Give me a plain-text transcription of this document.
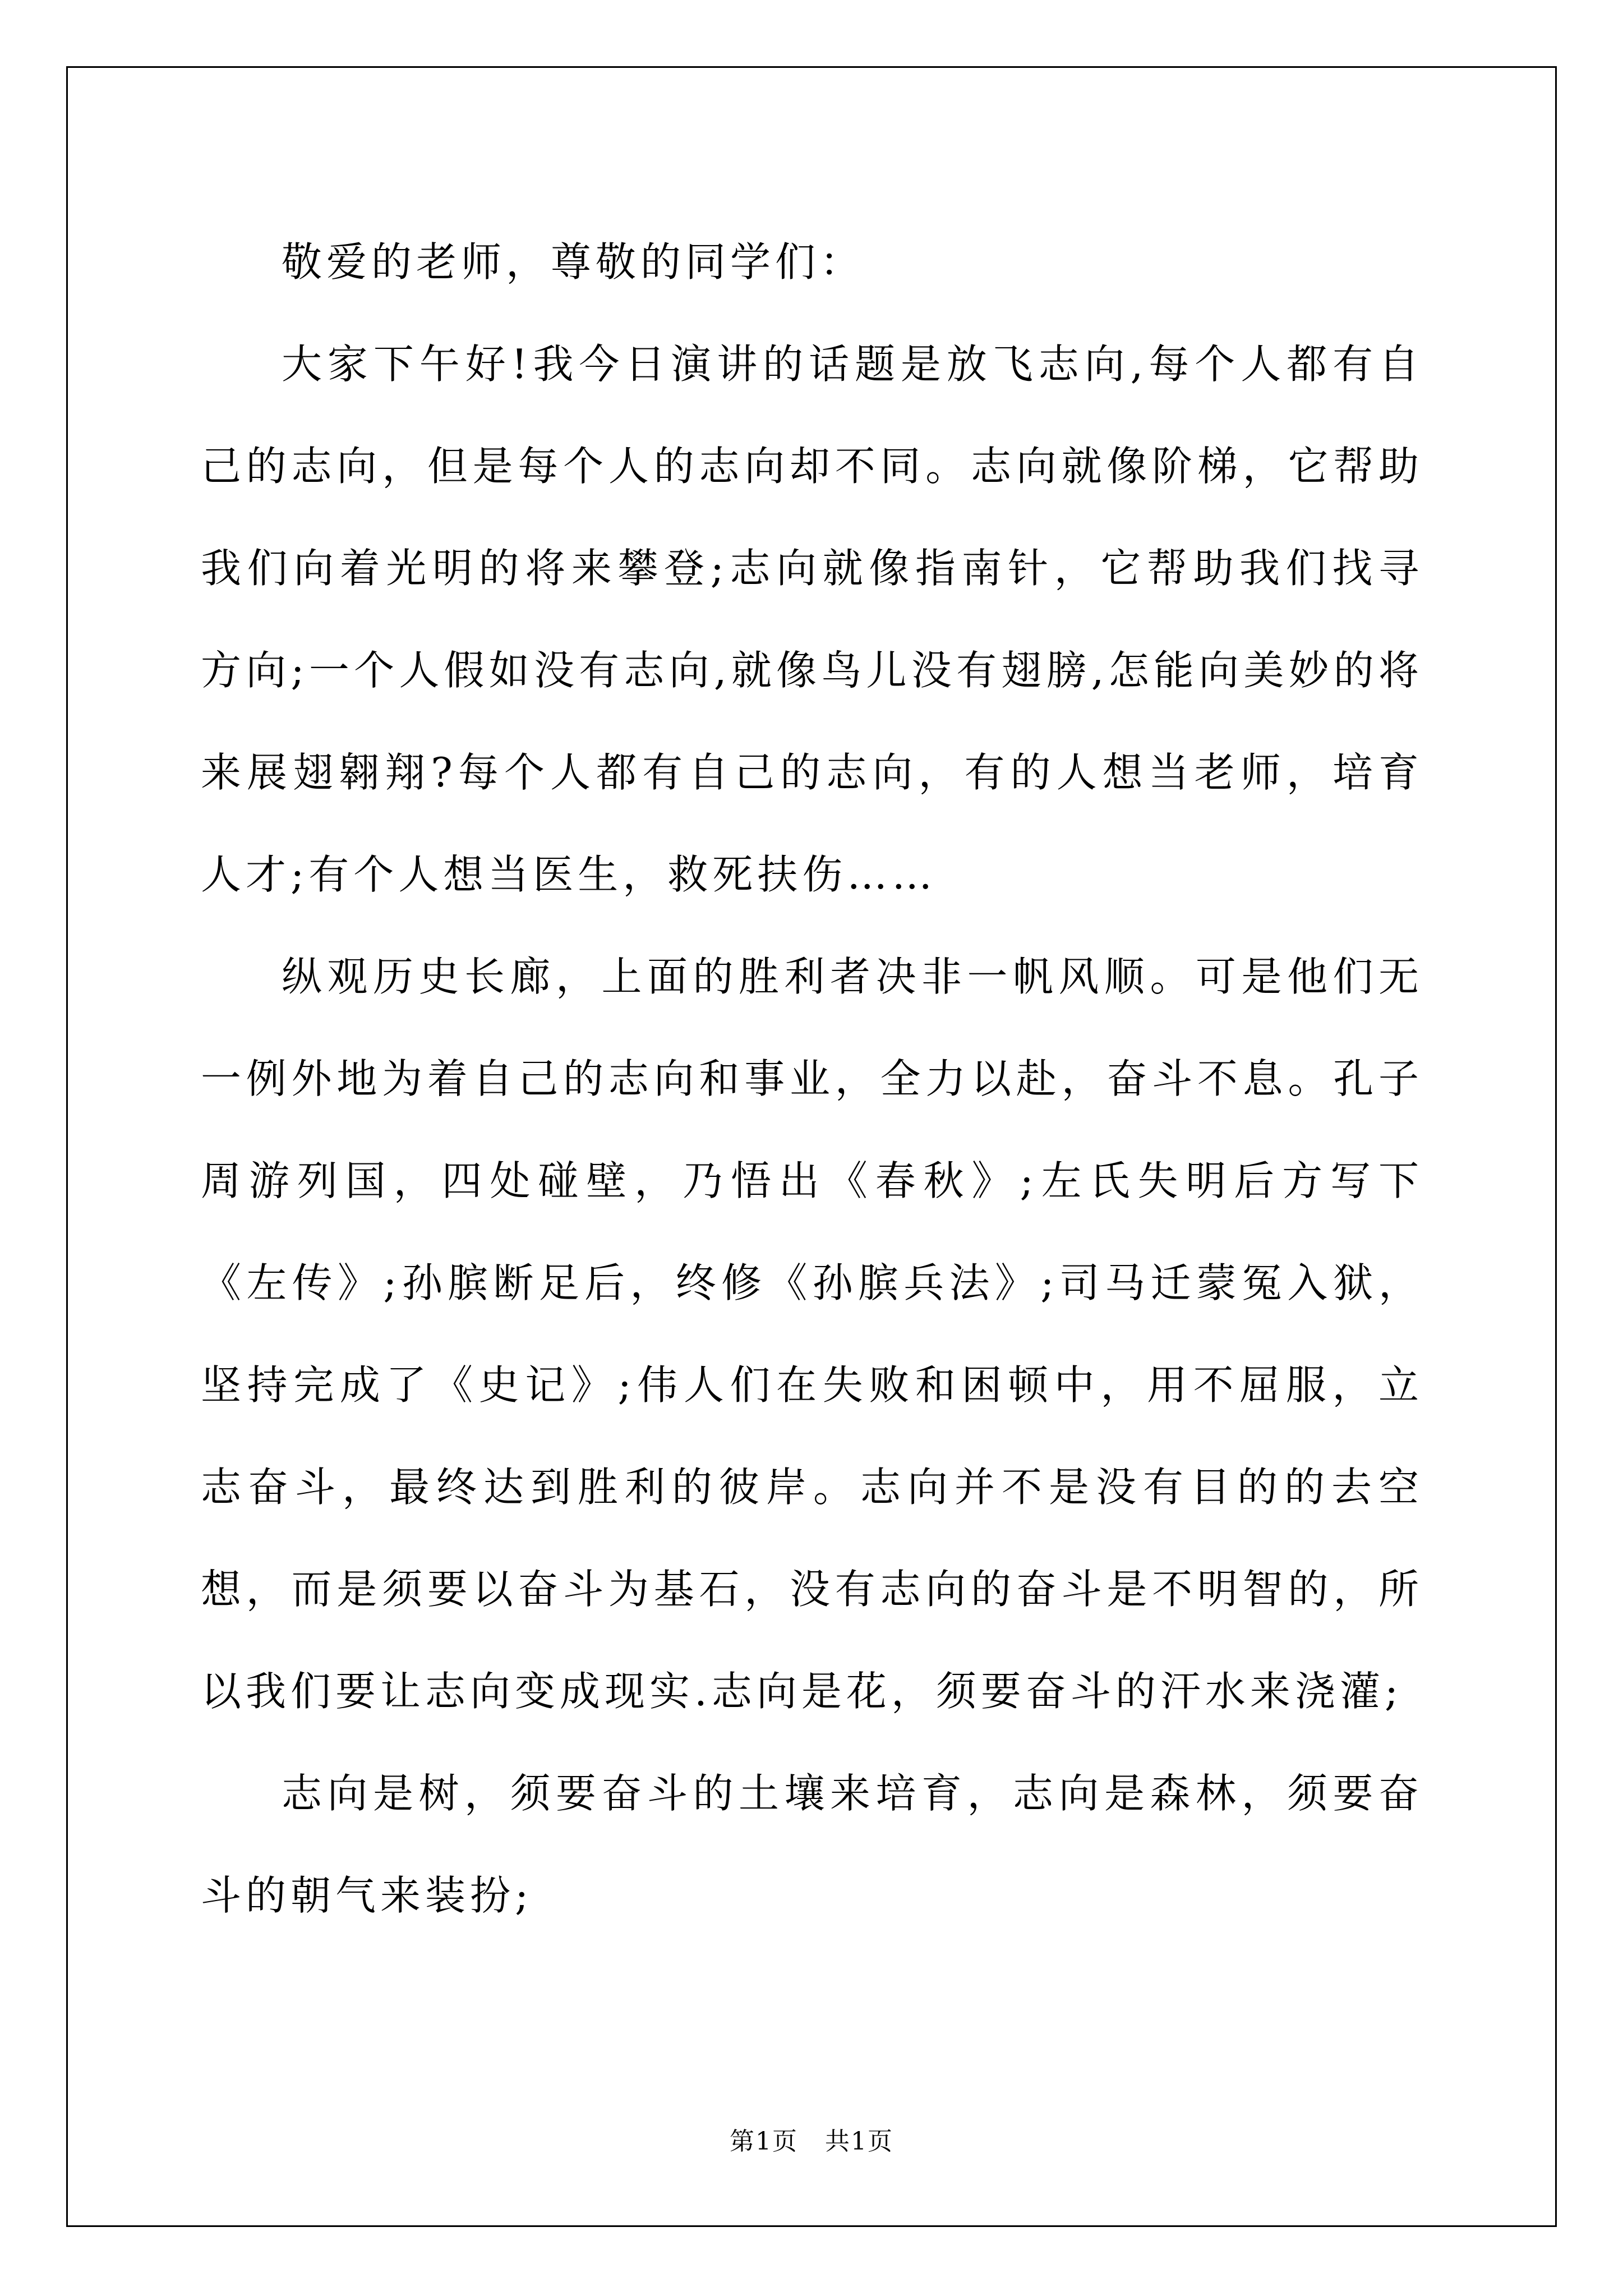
敬爱的老师，尊敬的同学们：

大家下午好!我今日演讲的话题是放飞志向,每个人都有自己的志向，但是每个人的志向却不同。志向就像阶梯，它帮助我们向着光明的将来攀登;志向就像指南针，它帮助我们找寻方向;一个人假如没有志向,就像鸟儿没有翅膀,怎能向美妙的将来展翅翱翔?每个人都有自己的志向，有的人想当老师，培育人才;有个人想当医生，救死扶伤……

纵观历史长廊，上面的胜利者决非一帆风顺。可是他们无一例外地为着自己的志向和事业，全力以赴，奋斗不息。孔子周游列国，四处碰壁，乃悟出《春秋》;左氏失明后方写下《左传》;孙膑断足后，终修《孙膑兵法》;司马迁蒙冤入狱，坚持完成了《史记》;伟人们在失败和困顿中，用不屈服，立志奋斗，最终达到胜利的彼岸。志向并不是没有目的的去空想，而是须要以奋斗为基石，没有志向的奋斗是不明智的，所以我们要让志向变成现实.志向是花，须要奋斗的汗水来浇灌;

志向是树，须要奋斗的土壤来培育，志向是森林，须要奋斗的朝气来装扮;

第1页 共1页
